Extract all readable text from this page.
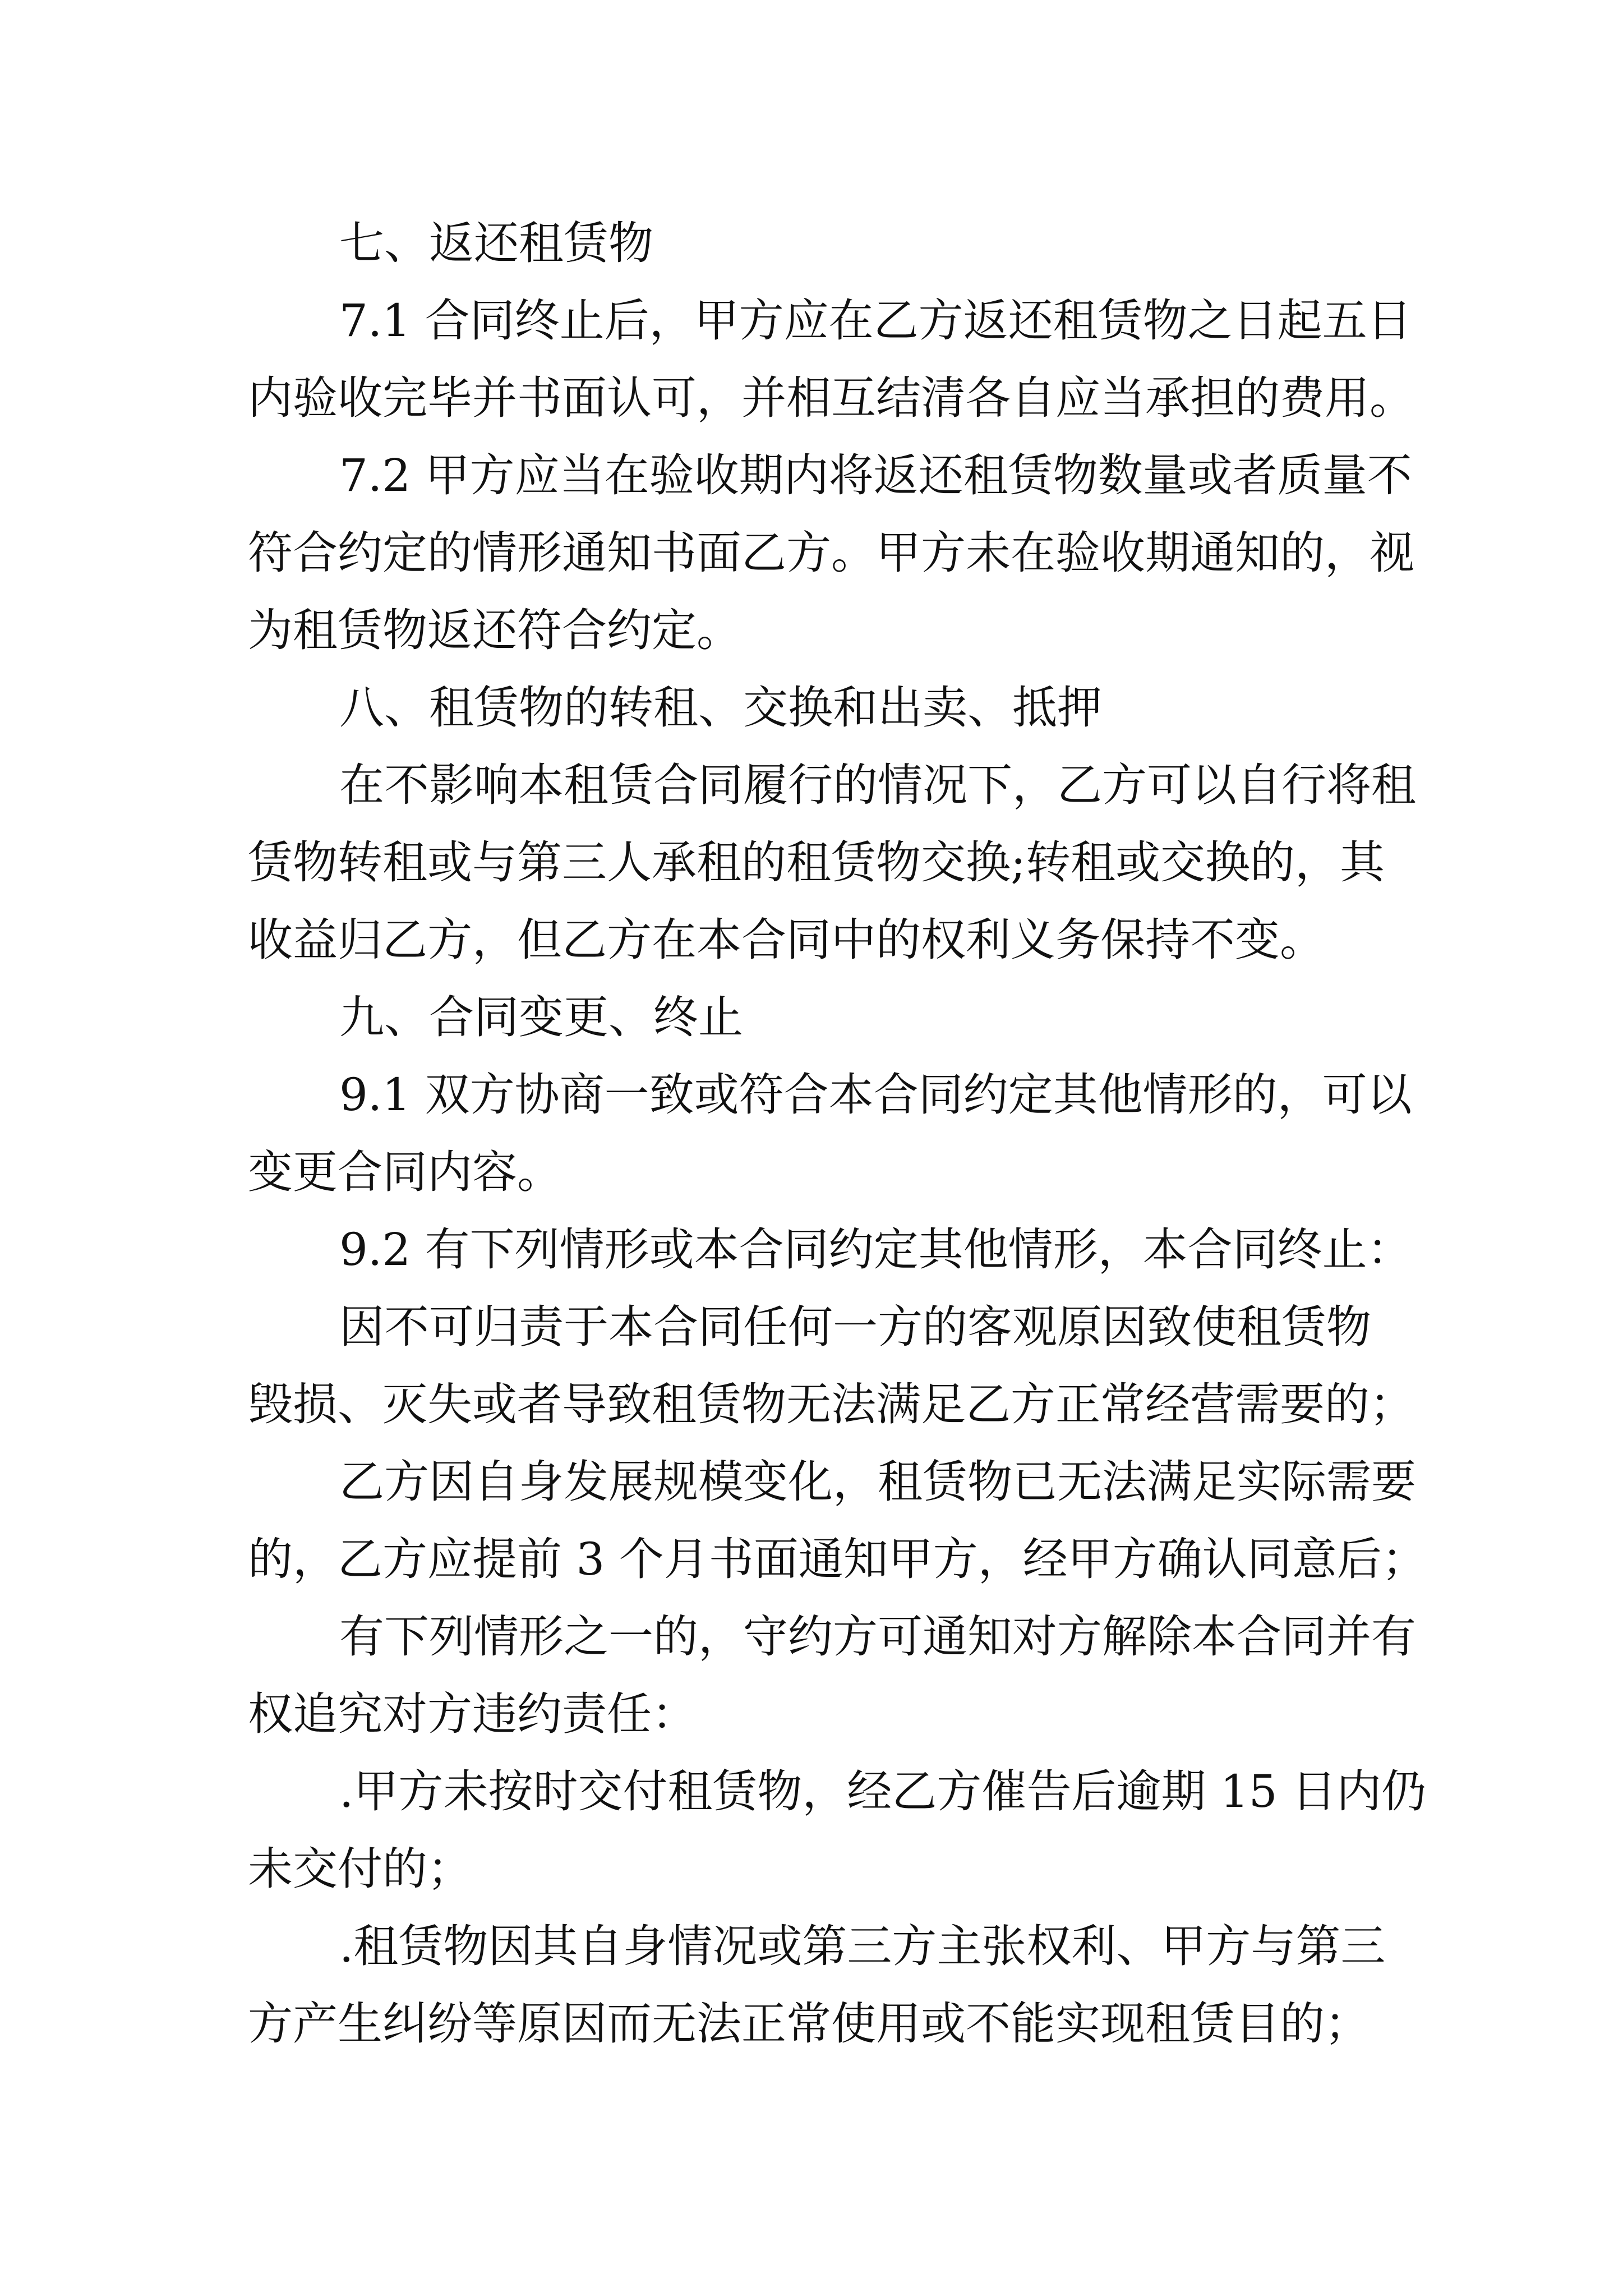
七、返还租赁物
7.1 合同终止后，甲方应在乙方返还租赁物之日起五日
内验收完毕并书面认可，并相互结清各自应当承担的费用。
7.2 甲方应当在验收期内将返还租赁物数量或者质量不
符合约定的情形通知书面乙方。甲方未在验收期通知的，视
为租赁物返还符合约定。
八、租赁物的转租、交换和出卖、抵押
在不影响本租赁合同履行的情况下，乙方可以自行将租
赁物转租或与第三人承租的租赁物交换;转租或交换的，其
收益归乙方，但乙方在本合同中的权利义务保持不变。
九、合同变更、终止
9.1 双方协商一致或符合本合同约定其他情形的，可以
变更合同内容。
9.2 有下列情形或本合同约定其他情形，本合同终止：
因不可归责于本合同任何一方的客观原因致使租赁物
毁损、灭失或者导致租赁物无法满足乙方正常经营需要的；
乙方因自身发展规模变化，租赁物已无法满足实际需要
的，乙方应提前 3 个月书面通知甲方，经甲方确认同意后；
有下列情形之一的，守约方可通知对方解除本合同并有
权追究对方违约责任：
.甲方未按时交付租赁物，经乙方催告后逾期 15 日内仍
未交付的；
.租赁物因其自身情况或第三方主张权利、甲方与第三
方产生纠纷等原因而无法正常使用或不能实现租赁目的；
